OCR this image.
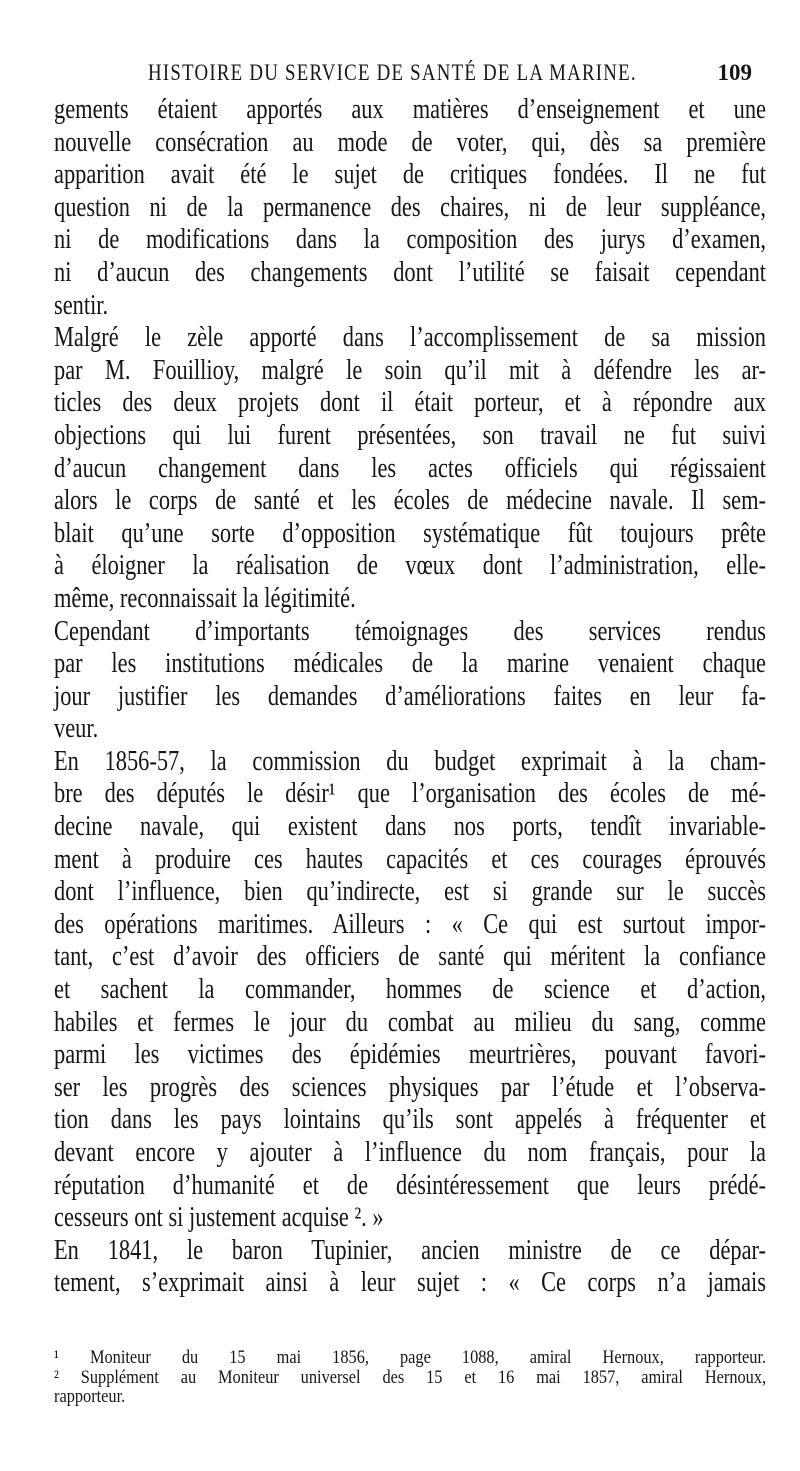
HISTOIRE DU SERVICE DE SANTÉ DE LA MARINE.	109
gements étaient apportés aux matières d’enseignement et une
nouvelle consécration au mode de voter, qui, dès sa première
apparition avait été le sujet de critiques fondées. Il ne fut
question ni de la permanence des chaires, ni de leur suppléance,
ni de modifications dans la composition des jurys d’examen,
ni d’aucun des changements dont l’utilité se faisait cependant
sentir.
Malgré le zèle apporté dans l’accomplissement de sa mission
par M. Fouillioy, malgré le soin qu’il mit à défendre les ar-
ticles des deux projets dont il était porteur, et à répondre aux
objections qui lui furent présentées, son travail ne fut suivi
d’aucun changement dans les actes officiels qui régissaient
alors le corps de santé et les écoles de médecine navale. Il sem-
blait qu’une sorte d’opposition systématique fût toujours prête
à éloigner la réalisation de vœux dont l’administration, elle-
même, reconnaissait la légitimité.
Cependant d’importants témoignages des services rendus
par les institutions médicales de la marine venaient chaque
jour justifier les demandes d’améliorations faites en leur fa-
veur.
En 1856-57, la commission du budget exprimait à la cham-
bre des députés le désir¹ que l’organisation des écoles de mé-
decine navale, qui existent dans nos ports, tendît invariable-
ment à produire ces hautes capacités et ces courages éprouvés
dont l’influence, bien qu’indirecte, est si grande sur le succès
des opérations maritimes. Ailleurs : « Ce qui est surtout impor-
tant, c’est d’avoir des officiers de santé qui méritent la confiance
et sachent la commander, hommes de science et d’action,
habiles et fermes le jour du combat au milieu du sang, comme
parmi les victimes des épidémies meurtrières, pouvant favori-
ser les progrès des sciences physiques par l’étude et l’observa-
tion dans les pays lointains qu’ils sont appelés à fréquenter et
devant encore y ajouter à l’influence du nom français, pour la
réputation d’humanité et de désintéressement que leurs prédé-
cesseurs ont si justement acquise ². »
En 1841, le baron Tupinier, ancien ministre de ce dépar-
tement, s’exprimait ainsi à leur sujet : « Ce corps n’a jamais
¹ Moniteur du 15 mai 1856, page 1088, amiral Hernoux, rapporteur.
² Supplément au Moniteur universel des 15 et 16 mai 1857, amiral Hernoux,
rapporteur.
